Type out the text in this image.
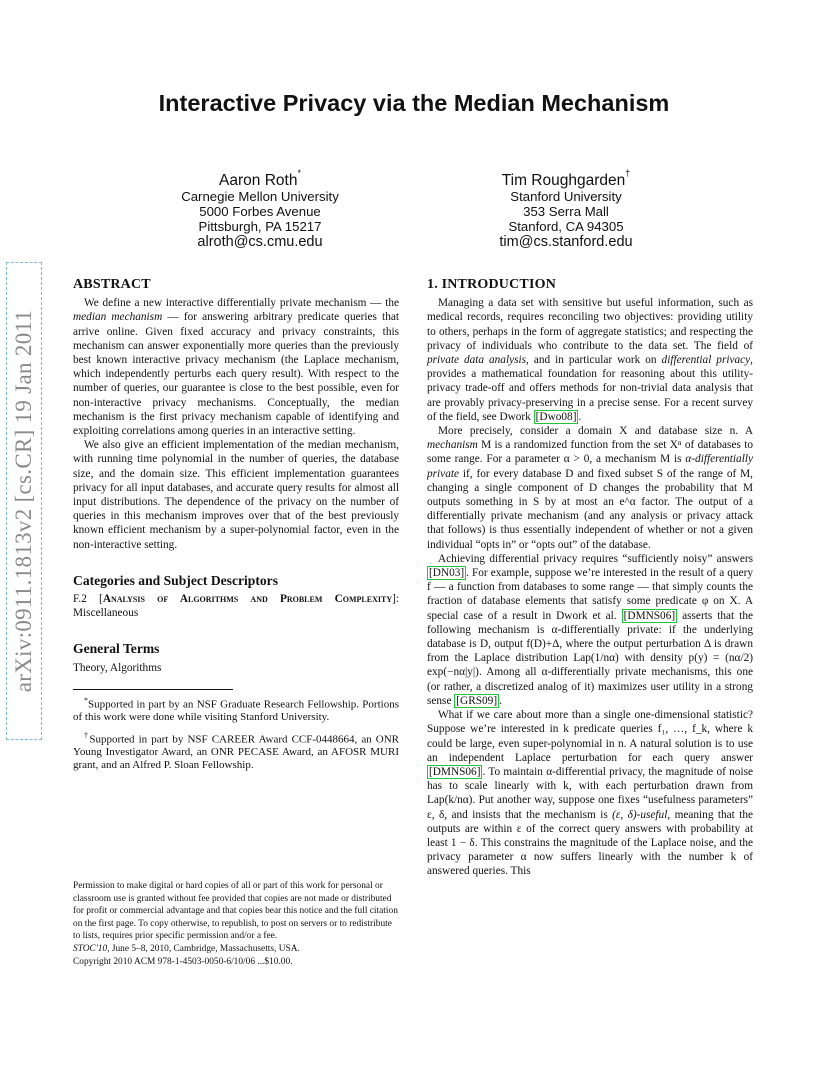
arXiv:0911.1813v2 [cs.CR] 19 Jan 2011
Interactive Privacy via the Median Mechanism
Aaron Roth*
Carnegie Mellon University
5000 Forbes Avenue
Pittsburgh, PA 15217
alroth@cs.cmu.edu
Tim Roughgarden†
Stanford University
353 Serra Mall
Stanford, CA 94305
tim@cs.stanford.edu
ABSTRACT

We define a new interactive differentially private mechanism — the median mechanism — for answering arbitrary predicate queries that arrive online. Given fixed accuracy and privacy constraints, this mechanism can answer exponentially more queries than the previously best known interactive privacy mechanism (the Laplace mechanism, which independently perturbs each query result). With respect to the number of queries, our guarantee is close to the best possible, even for non-interactive privacy mechanisms. Conceptually, the median mechanism is the first privacy mechanism capable of identifying and exploiting correlations among queries in an interactive setting.

We also give an efficient implementation of the median mechanism, with running time polynomial in the number of queries, the database size, and the domain size. This efficient implementation guarantees privacy for all input databases, and accurate query results for almost all input distributions. The dependence of the privacy on the number of queries in this mechanism improves over that of the best previously known efficient mechanism by a super-polynomial factor, even in the non-interactive setting.

Categories and Subject Descriptors

F.2 [Analysis of Algorithms and Problem Complexity]: Miscellaneous

General Terms

Theory, Algorithms

*Supported in part by an NSF Graduate Research Fellowship. Portions of this work were done while visiting Stanford University.

†Supported in part by NSF CAREER Award CCF-0448664, an ONR Young Investigator Award, an ONR PECASE Award, an AFOSR MURI grant, and an Alfred P. Sloan Fellowship.

Permission to make digital or hard copies of all or part of this work for personal or classroom use is granted without fee provided that copies are not made or distributed for profit or commercial advantage and that copies bear this notice and the full citation on the first page. To copy otherwise, to republish, to post on servers or to redistribute to lists, requires prior specific permission and/or a fee.

STOC'10, June 5–8, 2010, Cambridge, Massachusetts, USA.

Copyright 2010 ACM 978-1-4503-0050-6/10/06 ...$10.00.

1. INTRODUCTION

Managing a data set with sensitive but useful information, such as medical records, requires reconciling two objectives: providing utility to others, perhaps in the form of aggregate statistics; and respecting the privacy of individuals who contribute to the data set. The field of private data analysis, and in particular work on differential privacy, provides a mathematical foundation for reasoning about this utility-privacy trade-off and offers methods for non-trivial data analysis that are provably privacy-preserving in a precise sense. For a recent survey of the field, see Dwork [Dwo08] .

More precisely, consider a domain X and database size n. A mechanism M is a randomized function from the set Xⁿ of databases to some range. For a parameter α > 0, a mechanism M is α-differentially private if, for every database D and fixed subset S of the range of M, changing a single component of D changes the probability that M outputs something in S by at most an e^α factor. The output of a differentially private mechanism (and any analysis or privacy attack that follows) is thus essentially independent of whether or not a given individual “opts in” or “opts out” of the database.

Achieving differential privacy requires “sufficiently noisy” answers [DN03] . For example, suppose we’re interested in the result of a query f — a function from databases to some range — that simply counts the fraction of database elements that satisfy some predicate φ on X. A special case of a result in Dwork et al. [DMNS06] asserts that the following mechanism is α-differentially private: if the underlying database is D, output f(D)+Δ, where the output perturbation Δ is drawn from the Laplace distribution Lap(1/nα) with density p(y) = (nα/2) exp(−nα|y|). Among all α-differentially private mechanisms, this one (or rather, a discretized analog of it) maximizes user utility in a strong sense [GRS09] .

What if we care about more than a single one-dimensional statistic? Suppose we’re interested in k predicate queries f₁, …, f_k, where k could be large, even super-polynomial in n. A natural solution is to use an independent Laplace perturbation for each query answer [DMNS06] . To maintain α-differential privacy, the magnitude of noise has to scale linearly with k, with each perturbation drawn from Lap(k/nα). Put another way, suppose one fixes “usefulness parameters” ε, δ, and insists that the mechanism is (ε, δ)-useful, meaning that the outputs are within ε of the correct query answers with probability at least 1 − δ. This constrains the magnitude of the Laplace noise, and the privacy parameter α now suffers linearly with the number k of answered queries. This
